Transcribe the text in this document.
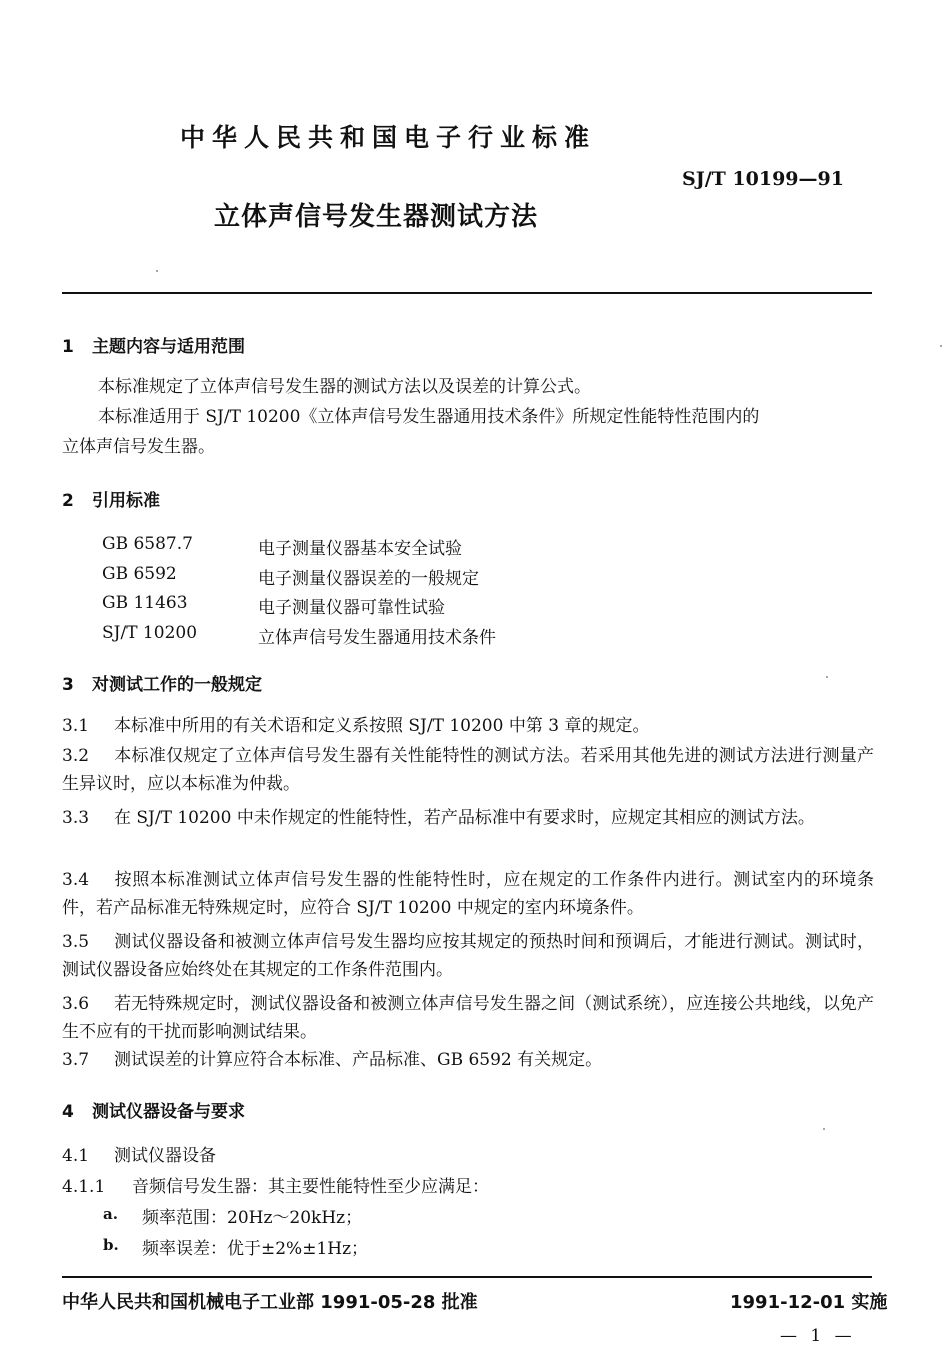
中华人民共和国电子行业标准
SJ/T 10199—91
立体声信号发生器测试方法
1 主题内容与适用范围
本标准规定了立体声信号发生器的测试方法以及误差的计算公式。
本标准适用于 SJ/T 10200《立体声信号发生器通用技术条件》所规定性能特性范围内的
立体声信号发生器。
2 引用标准
GB 6587.7	电子测量仪器基本安全试验
GB 6592	电子测量仪器误差的一般规定
GB 11463	电子测量仪器可靠性试验
SJ/T 10200	立体声信号发生器通用技术条件
3 对测试工作的一般规定
3.1 本标准中所用的有关术语和定义系按照 SJ/T 10200 中第 3 章的规定。
3.2 本标准仅规定了立体声信号发生器有关性能特性的测试方法。若采用其他先进的测试方法进行测量产生异议时，应以本标准为仲裁。
3.3 在 SJ/T 10200 中未作规定的性能特性，若产品标准中有要求时，应规定其相应的测试方法。
3.4 按照本标准测试立体声信号发生器的性能特性时，应在规定的工作条件内进行。测试室内的环境条件，若产品标准无特殊规定时，应符合 SJ/T 10200 中规定的室内环境条件。
3.5 测试仪器设备和被测立体声信号发生器均应按其规定的预热时间和预调后，才能进行测试。测试时，测试仪器设备应始终处在其规定的工作条件范围内。
3.6 若无特殊规定时，测试仪器设备和被测立体声信号发生器之间（测试系统），应连接公共地线，以免产生不应有的干扰而影响测试结果。
3.7 测试误差的计算应符合本标准、产品标准、GB 6592 有关规定。
4 测试仪器设备与要求
4.1 测试仪器设备
4.1.1 音频信号发生器：其主要性能特性至少应满足：
a. 频率范围：20Hz～20kHz；
b. 频率误差：优于±2%±1Hz；
中华人民共和国机械电子工业部 1991-05-28 批准	1991-12-01 实施
— 1 —
